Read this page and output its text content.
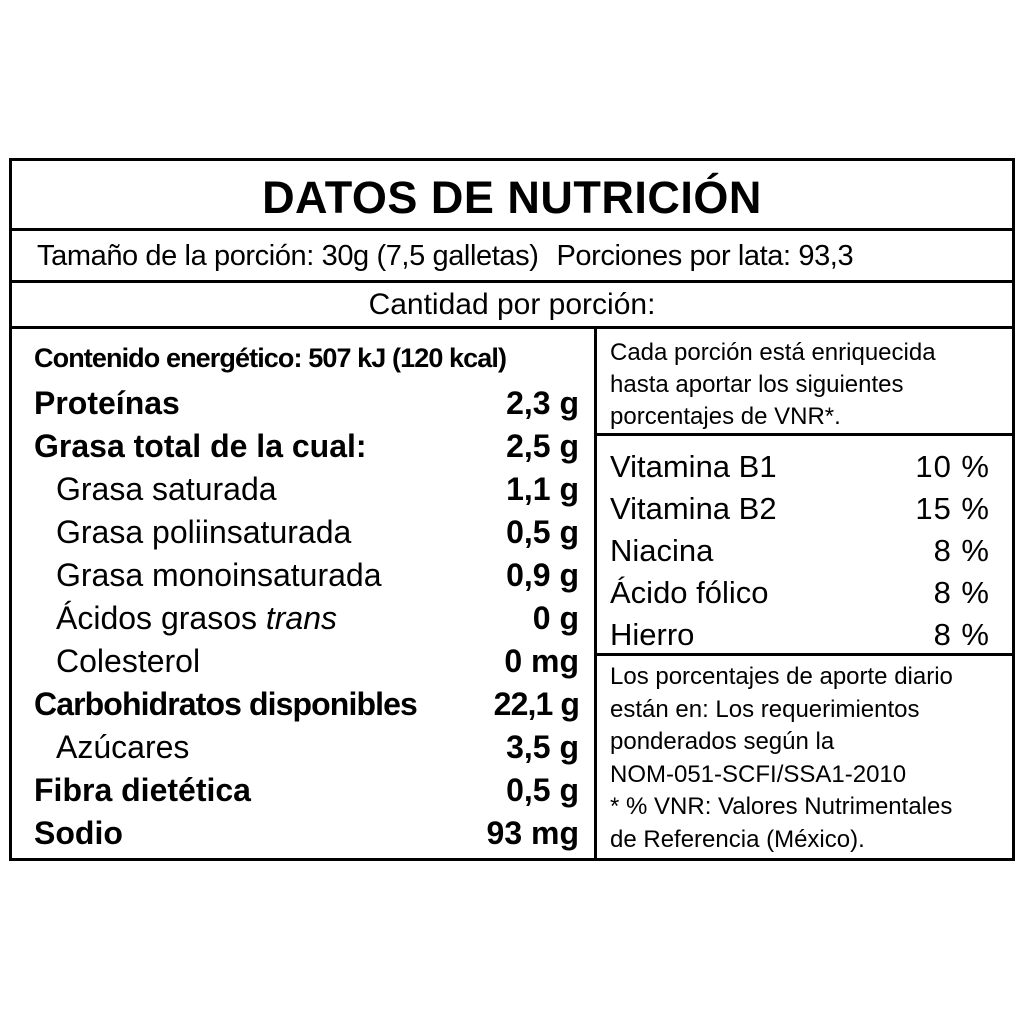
DATOS DE NUTRICIÓN
Tamaño de la porción: 30g (7,5 galletas) Porciones por lata: 93,3
Cantidad por porción:
Contenido energético: 507 kJ (120 kcal)
Proteínas	2,3 g
Grasa total de la cual:	2,5 g
Grasa saturada	1,1 g
Grasa poliinsaturada	0,5 g
Grasa monoinsaturada	0,9 g
Ácidos grasos trans	0 g
Colesterol	0 mg
Carbohidratos disponibles 22,1 g
Azúcares	3,5 g
Fibra dietética	0,5 g
Sodio	93 mg
Cada porción está enriquecida
hasta aportar los siguientes
porcentajes de VNR*.
Vitamina B1	10 %
Vitamina B2	15 %
Niacina	8 %
Ácido fólico	8 %
Hierro	8 %
Los porcentajes de aporte diario
están en: Los requerimientos
ponderados según la
NOM-051-SCFI/SSA1-2010
* % VNR: Valores Nutrimentales
de Referencia (México).
